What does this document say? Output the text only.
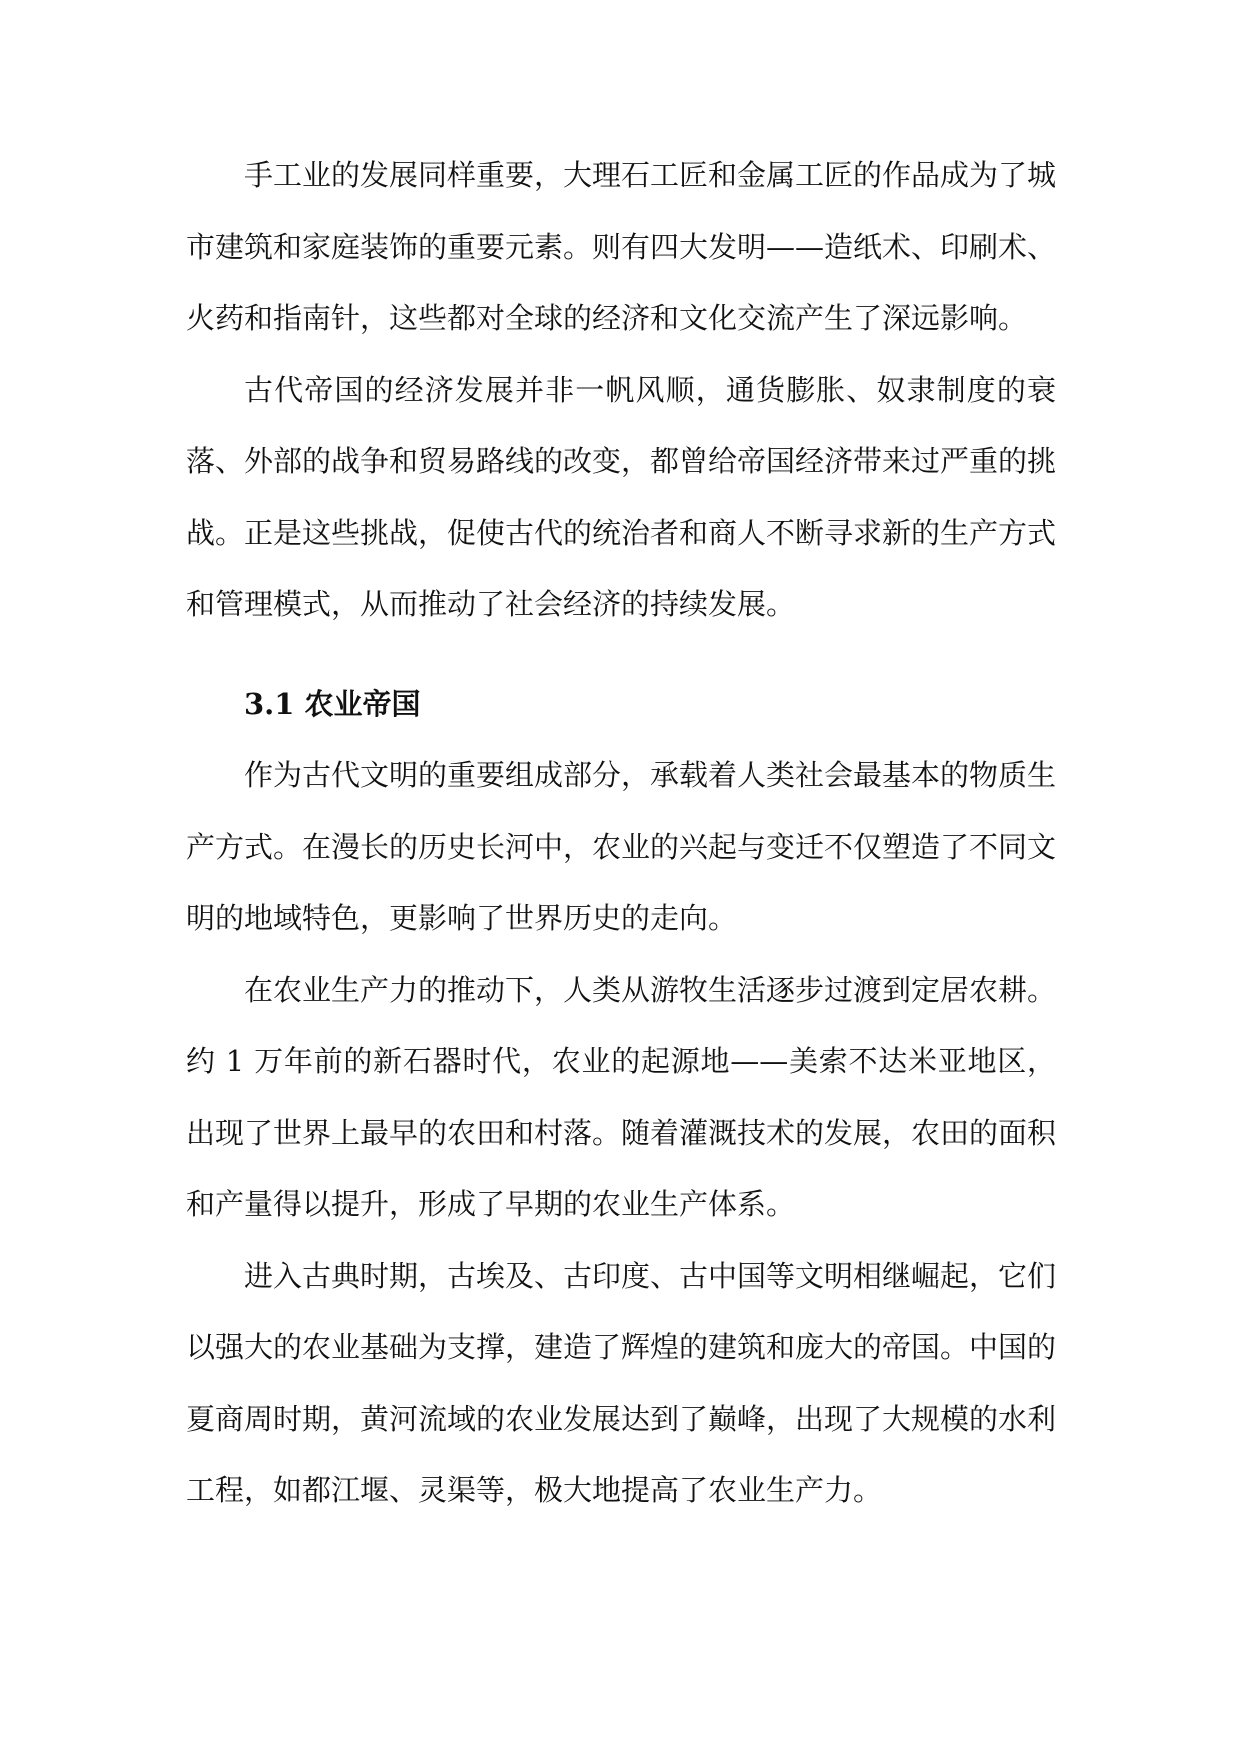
手工业的发展同样重要，大理石工匠和金属工匠的作品成为了城市建筑和家庭装饰的重要元素。则有四大发明——造纸术、印刷术、火药和指南针，这些都对全球的经济和文化交流产生了深远影响。

古代帝国的经济发展并非一帆风顺，通货膨胀、奴隶制度的衰落、外部的战争和贸易路线的改变，都曾给帝国经济带来过严重的挑战。正是这些挑战，促使古代的统治者和商人不断寻求新的生产方式和管理模式，从而推动了社会经济的持续发展。

3.1 农业帝国

作为古代文明的重要组成部分，承载着人类社会最基本的物质生产方式。在漫长的历史长河中，农业的兴起与变迁不仅塑造了不同文明的地域特色，更影响了世界历史的走向。

在农业生产力的推动下，人类从游牧生活逐步过渡到定居农耕。约 1 万年前的新石器时代，农业的起源地——美索不达米亚地区，出现了世界上最早的农田和村落。随着灌溉技术的发展，农田的面积和产量得以提升，形成了早期的农业生产体系。

进入古典时期，古埃及、古印度、古中国等文明相继崛起，它们以强大的农业基础为支撑，建造了辉煌的建筑和庞大的帝国。中国的夏商周时期，黄河流域的农业发展达到了巅峰，出现了大规模的水利工程，如都江堰、灵渠等，极大地提高了农业生产力。
